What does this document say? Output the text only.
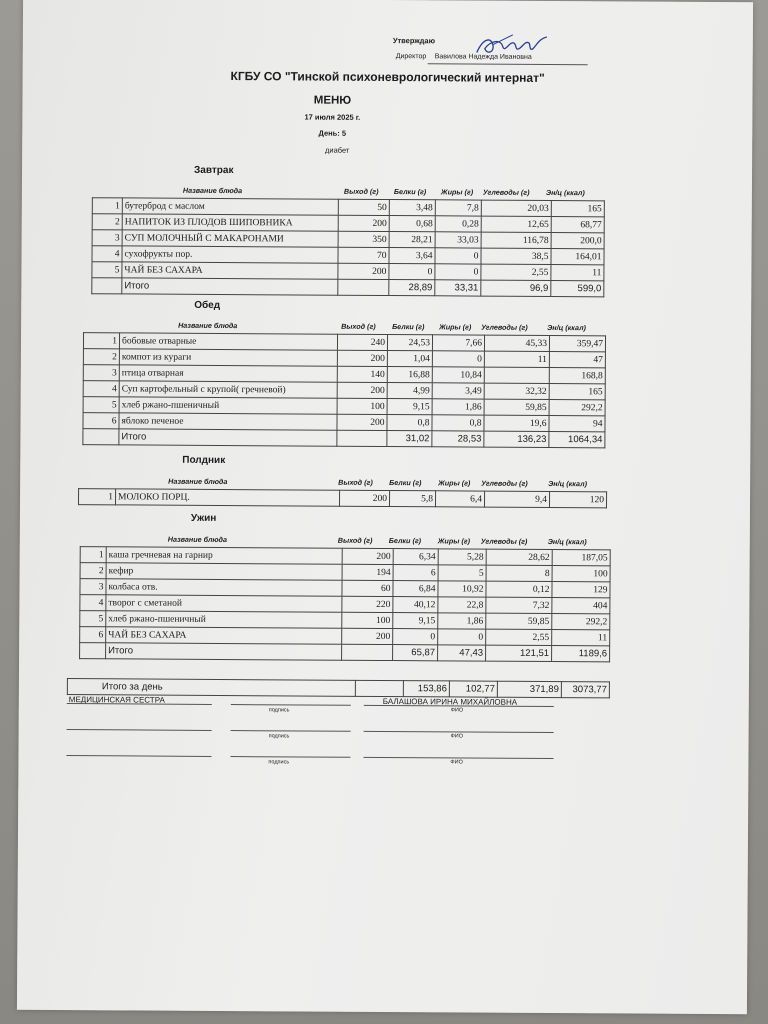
Утверждаю
Директор Вавилова Надежда Ивановна
КГБУ СО "Тинской психоневрологический интернат"
МЕНЮ
17 июля 2025 г.
День: 5
диабет
Завтрак
Название блюда	Выход (г) Белки (г) Жиры (г) Углеводы (г) Эн/ц (ккал)
1	бутерброд с маслом	50	3,48	7,8	20,03	165
2	НАПИТОК ИЗ ПЛОДОВ ШИПОВНИКА	200	0,68	0,28	12,65	68,77
3	СУП МОЛОЧНЫЙ С МАКАРОНАМИ	350	28,21	33,03	116,78	200,0
4	сухофрукты пор.	70	3,64	0	38,5	164,01
5	ЧАЙ БЕЗ САХАРА	200	0	0	2,55	11
	Итого		28,89	33,31	96,9	599,0
Обед
Название блюда	Выход (г) Белки (г) Жиры (г) Углеводы (г)	Эн/ц (ккал)
1	бобовые отварные	240	24,53	7,66	45,33	359,47
2	компот из кураги	200	1,04	0	11	47
3	птица отварная	140	16,88	10,84		168,8
4	Суп картофельный с крупой( гречневой)	200	4,99	3,49	32,32	165
5	хлеб ржано-пшеничный	100	9,15	1,86	59,85	292,2
6	яблоко печеное	200	0,8	0,8	19,6	94
	Итого		31,02	28,53	136,23	1064,34
Полдник
Название блюда	Выход (г) Белки (г) Жиры (г) Углеводы (г)	Эн/ц (ккал)
1	МОЛОКО ПОРЦ.	200	5,8	6,4	9,4	120
Ужин
Название блюда	Выход (г) Белки (г) Жиры (г) Углеводы (г)	Эн/ц (ккал)
1	каша гречневая на гарнир	200	6,34	5,28	28,62	187,05
2	кефир	194	6	5	8	100
3	колбаса отв.	60	6,84	10,92	0,12	129
4	творог с сметаной	220	40,12	22,8	7,32	404
5	хлеб ржано-пшеничный	100	9,15	1,86	59,85	292,2
6	ЧАЙ БЕЗ САХАРА	200	0	0	2,55	11
	Итого		65,87	47,43	121,51	1189,6
Итого за день		153,86	102,77	371,89	3073,77
МЕДИЦИНСКАЯ СЕСТРА	БАЛАШОВА ИРИНА МИХАЙЛОВНА
подпись	ФИО
подпись	ФИО
подпись	ФИО
